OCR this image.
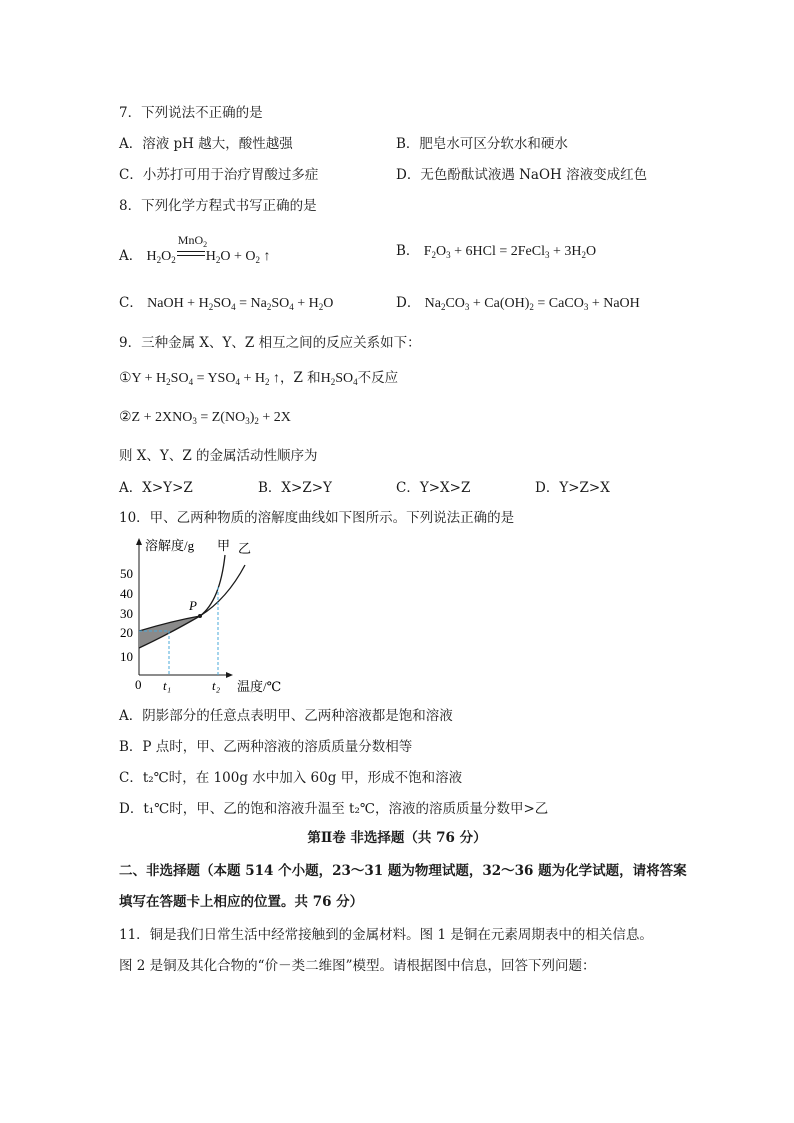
7．下列说法不正确的是
A．溶液 pH 越大，酸性越强	B．肥皂水可区分软水和硬水
C．小苏打可用于治疗胃酸过多症	D．无色酚酞试液遇 NaOH 溶液变成红色
8．下列化学方程式书写正确的是
A． $H_2O_2$
MnO$_2$
$H_2O + O_2$ ↑	B． $F_2O_3 + 6HCl$ = 2FeCl$_3$ + $3H_2O$
C． NaOH + $H_2SO_4 = Na_2SO_4 + H_2O$	D． $Na_2CO_3 + Ca(OH)_2$ = CaCO$_3$ + NaOH
9．三种金属 X、Y、Z 相互之间的反应关系如下：
①Y + $H_2SO_4 = YSO_4 + H_2$ ↑，Z 和$H_2SO_4$不反应
②Z + $2XNO_3 = Z(NO_3)_2 + 2X$
则 X、Y、Z 的金属活动性顺序为
A．X>Y>Z	B．X>Z>Y	C．Y>X>Z	D．Y>Z>X
10．甲、乙两种物质的溶解度曲线如下图所示。下列说法正确的是
溶解度/g
温度/℃
甲 乙
P
50
40
30
20
10
0 t₁	t₂
A．阴影部分的任意点表明甲、乙两种溶液都是饱和溶液
B．P 点时，甲、乙两种溶液的溶质质量分数相等
C．t₂℃时，在 100g 水中加入 60g 甲，形成不饱和溶液
D．t₁℃时，甲、乙的饱和溶液升温至 t₂℃，溶液的溶质质量分数甲>乙
第Ⅱ卷 非选择题（共 76 分）
二、非选择题（本题 514 个小题，23～31 题为物理试题，32～36 题为化学试题，请将答案
填写在答题卡上相应的位置。共 76 分）
11．铜是我们日常生活中经常接触到的金属材料。图 1 是铜在元素周期表中的相关信息。
图 2 是铜及其化合物的“价－类二维图”模型。请根据图中信息，回答下列问题：
